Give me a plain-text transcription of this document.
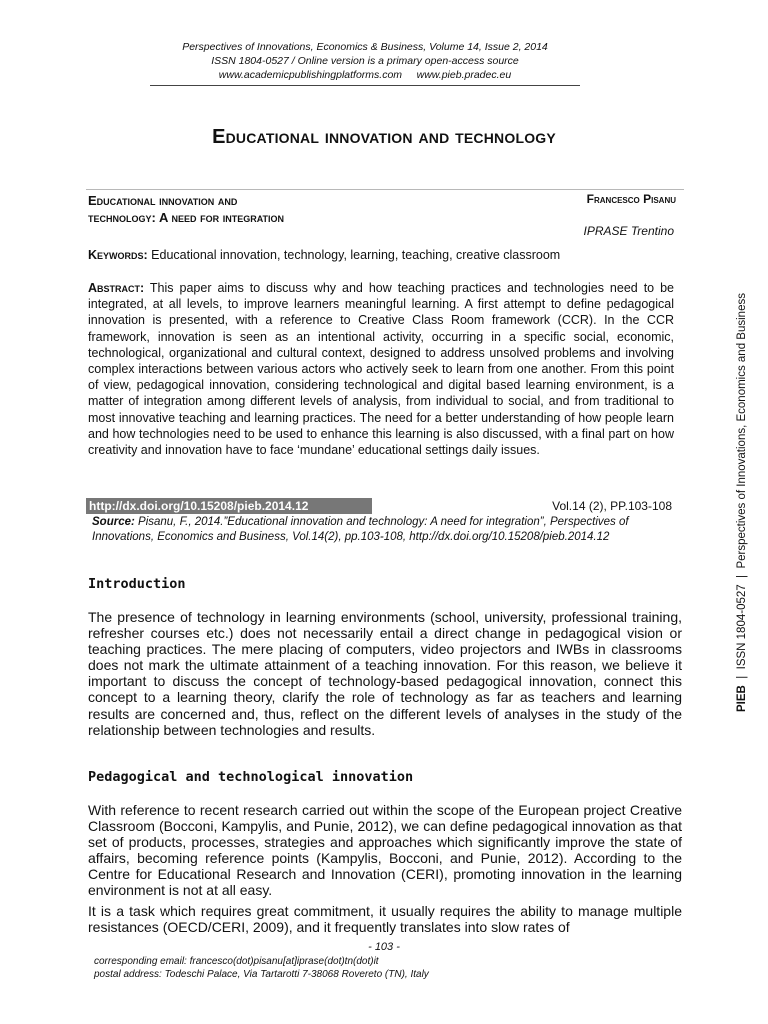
Perspectives of Innovations, Economics & Business, Volume 14, Issue 2, 2014
ISSN 1804-0527 / Online version is a primary open-access source
www.academicpublishingplatforms.com     www.pieb.pradec.eu
Educational innovation and technology
Educational innovation and
technology: A need for integration
Francesco Pisanu
IPRASE Trentino
Keywords: Educational innovation, technology, learning, teaching, creative classroom
Abstract: This paper aims to discuss why and how teaching practices and technologies need to be integrated, at all levels, to improve learners meaningful learning. A first attempt to define pedagogical innovation is presented, with a reference to Creative Class Room framework (CCR). In the CCR framework, innovation is seen as an intentional activity, occurring in a specific social, economic, technological, organizational and cultural context, designed to address unsolved problems and involving complex interactions between various actors who actively seek to learn from one another. From this point of view, pedagogical innovation, considering technological and digital based learning environment, is a matter of integration among different levels of analysis, from individual to social, and from traditional to most innovative teaching and learning practices. The need for a better understanding of how people learn and how technologies need to be used to enhance this learning is also discussed, with a final part on how creativity and innovation have to face ‘mundane’ educational settings daily issues.
http://dx.doi.org/10.15208/pieb.2014.12	Vol.14 (2), PP.103-108
Source: Pisanu, F., 2014.”Educational innovation and technology: A need for integration”, Perspectives of Innovations, Economics and Business, Vol.14(2), pp.103-108, http://dx.doi.org/10.15208/pieb.2014.12
Introduction
The presence of technology in learning environments (school, university, professional training, refresher courses etc.) does not necessarily entail a direct change in pedagogical vision or teaching practices. The mere placing of computers, video projectors and IWBs in classrooms does not mark the ultimate attainment of a teaching innovation. For this reason, we believe it important to discuss the concept of technology-based pedagogical innovation, connect this concept to a learning theory, clarify the role of technology as far as teachers and learning results are concerned and, thus, reflect on the different levels of analyses in the study of the relationship between technologies and results.
Pedagogical and technological innovation
With reference to recent research carried out within the scope of the European project Creative Classroom (Bocconi, Kampylis, and Punie, 2012), we can define pedagogical innovation as that set of products, processes, strategies and approaches which significantly improve the state of affairs, becoming reference points (Kampylis, Bocconi, and Punie, 2012). According to the Centre for Educational Research and Innovation (CERI), promoting innovation in the learning environment is not at all easy.
It is a task which requires great commitment, it usually requires the ability to manage multiple resistances (OECD/CERI, 2009), and it frequently translates into slow rates of
- 103 -
corresponding email: francesco(dot)pisanu[at]iprase(dot)tn(dot)it
postal address: Todeschi Palace, Via Tartarotti 7-38068 Rovereto (TN), Italy
PIEB  |  ISSN 1804-0527  |  Perspectives of Innovations, Economics and Business
